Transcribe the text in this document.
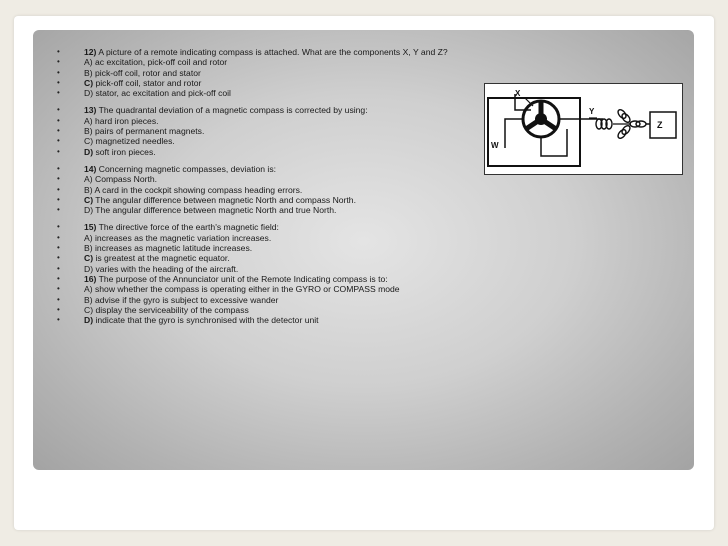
• 12) A picture of a remote indicating compass is attached. What are the components X, Y and Z?
• A) ac excitation, pick-off coil and rotor
• B) pick-off coil, rotor and stator
• C) pick-off coil, stator and rotor
• D) stator, ac excitation and pick-off coil
• 13) The quadrantal deviation of a magnetic compass is corrected by using:
• A) hard iron pieces.
• B) pairs of permanent magnets.
• C) magnetized needles.
• D) soft iron pieces.
• 14) Concerning magnetic compasses, deviation is:
• A) Compass North.
• B) A card in the cockpit showing compass heading errors.
• C) The angular difference between magnetic North and compass North.
• D) The angular difference between magnetic North and true North.
• 15) The directive force of the earth's magnetic field:
• A) increases as the magnetic variation increases.
• B) increases as magnetic latitude increases.
• C) is greatest at the magnetic equator.
• D) varies with the heading of the aircraft.
• 16) The purpose of the Annunciator unit of the Remote Indicating compass is to:
• A) show whether the compass is operating either in the GYRO or COMPASS mode
• B) advise if the gyro is subject to excessive wander
• C) display the serviceability of the compass
• D) indicate that the gyro is synchronised with the detector unit
X
Y
Z
W
